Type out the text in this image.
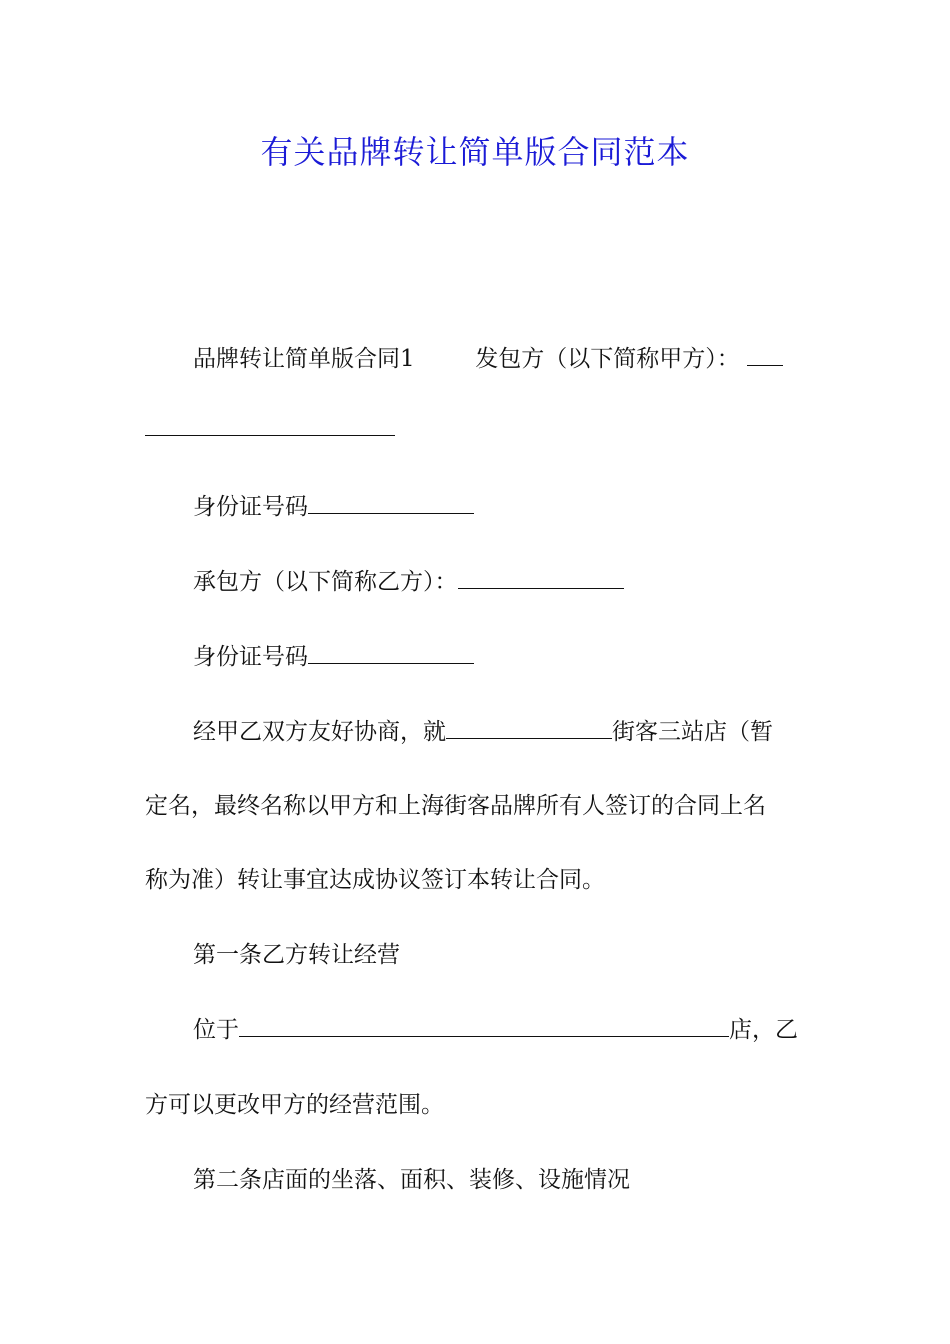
有关品牌转让简单版合同范本
品牌转让简单版合同1	发包方（以下简称甲方）：
身份证号码
承包方（以下简称乙方）：
身份证号码
经甲乙双方友好协商，就	街客三站店（暂
定名，最终名称以甲方和上海街客品牌所有人签订的合同上名
称为准）转让事宜达成协议签订本转让合同。
第一条乙方转让经营
位于	店，乙
方可以更改甲方的经营范围。
第二条店面的坐落、面积、装修、设施情况
